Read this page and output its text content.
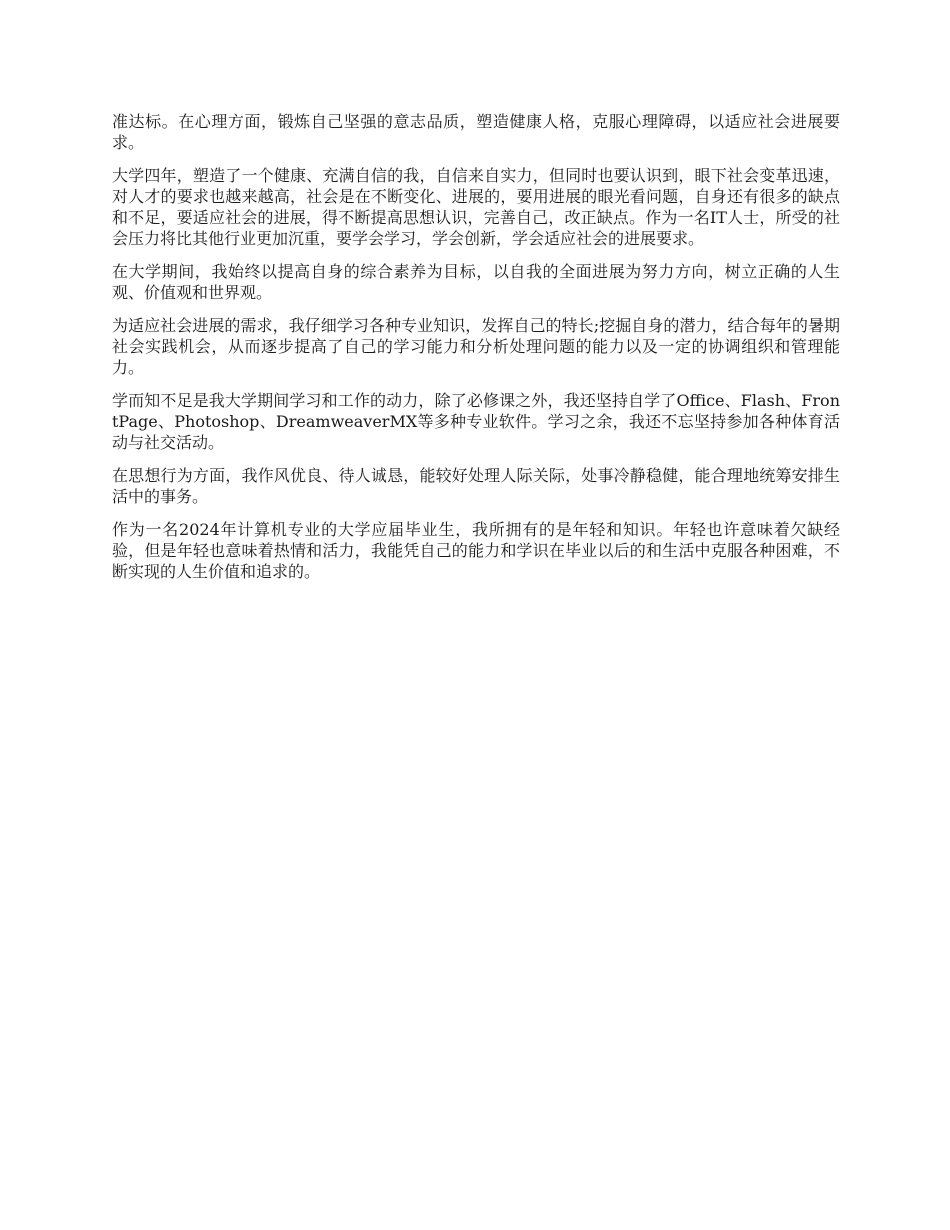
准达标。在心理方面，锻炼自己坚强的意志品质，塑造健康人格，克服心理障碍，以适应社会进展要求。

大学四年，塑造了一个健康、充满自信的我，自信来自实力，但同时也要认识到，眼下社会变革迅速，对人才的要求也越来越高，社会是在不断变化、进展的，要用进展的眼光看问题，自身还有很多的缺点和不足，要适应社会的进展，得不断提高思想认识，完善自己，改正缺点。作为一名IT人士，所受的社会压力将比其他行业更加沉重，要学会学习，学会创新，学会适应社会的进展要求。

在大学期间，我始终以提高自身的综合素养为目标，以自我的全面进展为努力方向，树立正确的人生观、价值观和世界观。

为适应社会进展的需求，我仔细学习各种专业知识，发挥自己的特长;挖掘自身的潜力，结合每年的暑期社会实践机会，从而逐步提高了自己的学习能力和分析处理问题的能力以及一定的协调组织和管理能力。

学而知不足是我大学期间学习和工作的动力，除了必修课之外，我还坚持自学了Office、Flash、FrontPage、Photoshop、DreamweaverMX等多种专业软件。学习之余，我还不忘坚持参加各种体育活动与社交活动。

在思想行为方面，我作风优良、待人诚恳，能较好处理人际关际，处事冷静稳健，能合理地统筹安排生活中的事务。

作为一名2024年计算机专业的大学应届毕业生，我所拥有的是年轻和知识。年轻也许意味着欠缺经验，但是年轻也意味着热情和活力，我能凭自己的能力和学识在毕业以后的和生活中克服各种困难，不断实现的人生价值和追求的。
